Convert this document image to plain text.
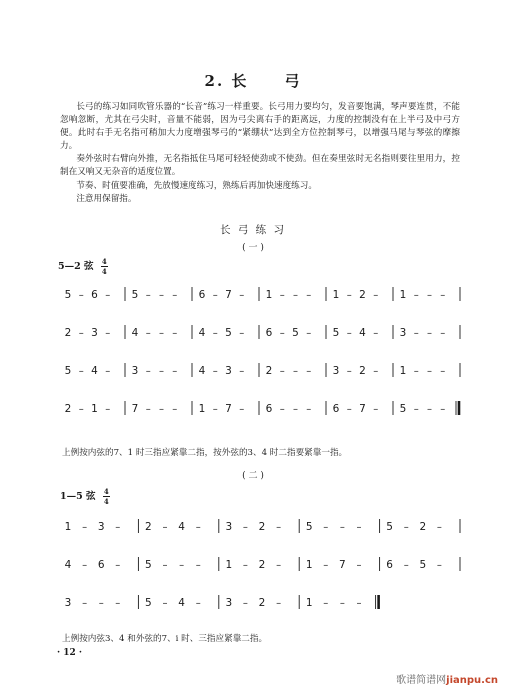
2. 长 弓

长弓的练习如同吹管乐器的“长音”练习一样重要。长弓用力要均匀，发音要饱满，琴声要连贯，不能忽响忽断，尤其在弓尖时，音量不能弱，因为弓尖离右手的距离远，力度的控制没有在上半弓及中弓方便。此时右手无名指可稍加大力度增强琴弓的“紧绷状”达到全方位控制琴弓，以增强马尾与琴弦的摩擦力。

奏外弦时右臂向外推，无名指抵住马尾可轻轻使劲或不使劲。但在奏里弦时无名指则要往里用力，控制在又响又无杂音的适度位置。

节奏、时值要准确，先放慢速度练习，熟练后再加快速度练习。

注意用保留指。

长 弓 练 习
( 一 )
5—2 弦 $\frac{4}{4}$
5 – 6 – 5 – – – 6 – 7 – 1 – – – 1 – 2 – 1 – – –
2 – 3 – 4 – – – 4 – 5 – 6 – 5 – 5 – 4 – 3 – – –
5 – 4 – 3 – – – 4 – 3 – 2 – – – 3 – 2 – 1 – – –
2 – 1 – 7 – – – 1 – 7 – 6 – – – 6 – 7 – 5 – – –
上例按内弦的7、1 时三指应紧靠二指，按外弦的3、4 时二指要紧靠一指。
( 二 )
1—5 弦 $\frac{4}{4}$
1 – 3 – 2 – 4 – 3 – 2 – 5 – – – 5 – 2 –
4 – 6 – 5 – – – 1 – 2 – 1 – 7 – 6 – 5 –
3 – – – 5 – 4 – 3 – 2 – 1 – – –
上例按内弦3、4 和外弦的7、i 时、三指应紧靠二指。
· 12 ·
歌谱简谱网jianpu.cn
